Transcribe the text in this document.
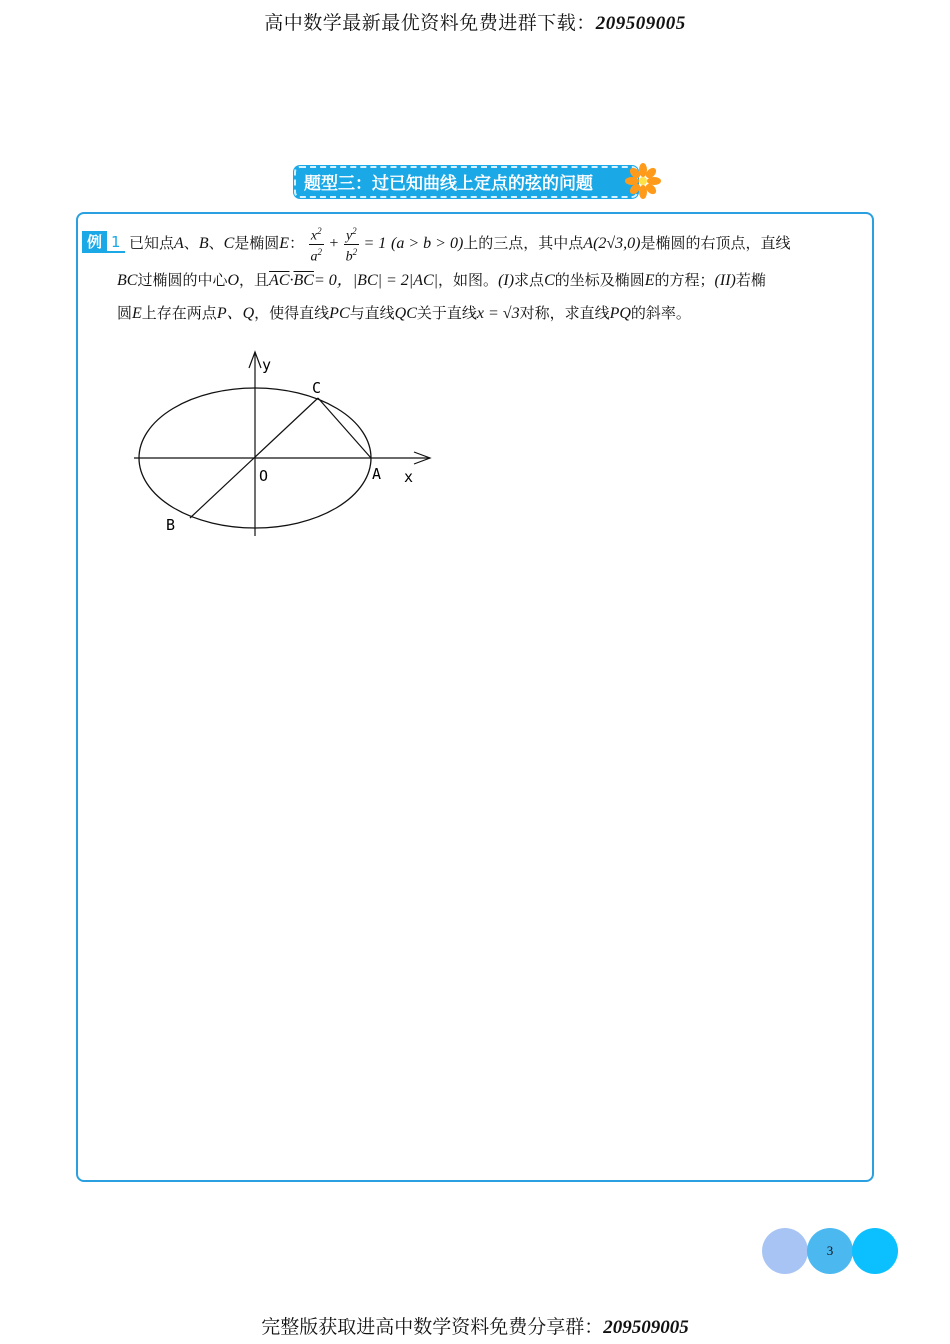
高中数学最新最优资料免费进群下载：209509005
题型三：过已知曲线上定点的弦的问题
例 1 已知点A、B、C是椭圆E： $\frac{x^2}{a^2} + \frac{y^2}{b^2} = 1$ (a > b > 0)上的三点，其中点A(2√3,0)是椭圆的右顶点，直线
BC过椭圆的中心O，且$\overline{AC}\cdot\overline{BC}= 0$，|BC| = 2|AC|，如图。(I)求点C的坐标及椭圆E的方程；(II)若椭
圆E上存在两点P、Q，使得直线PC与直线QC关于直线x = √3对称，求直线PQ的斜率。
y
x
O	A
B
C
3
完整版获取进高中数学资料免费分享群：209509005
